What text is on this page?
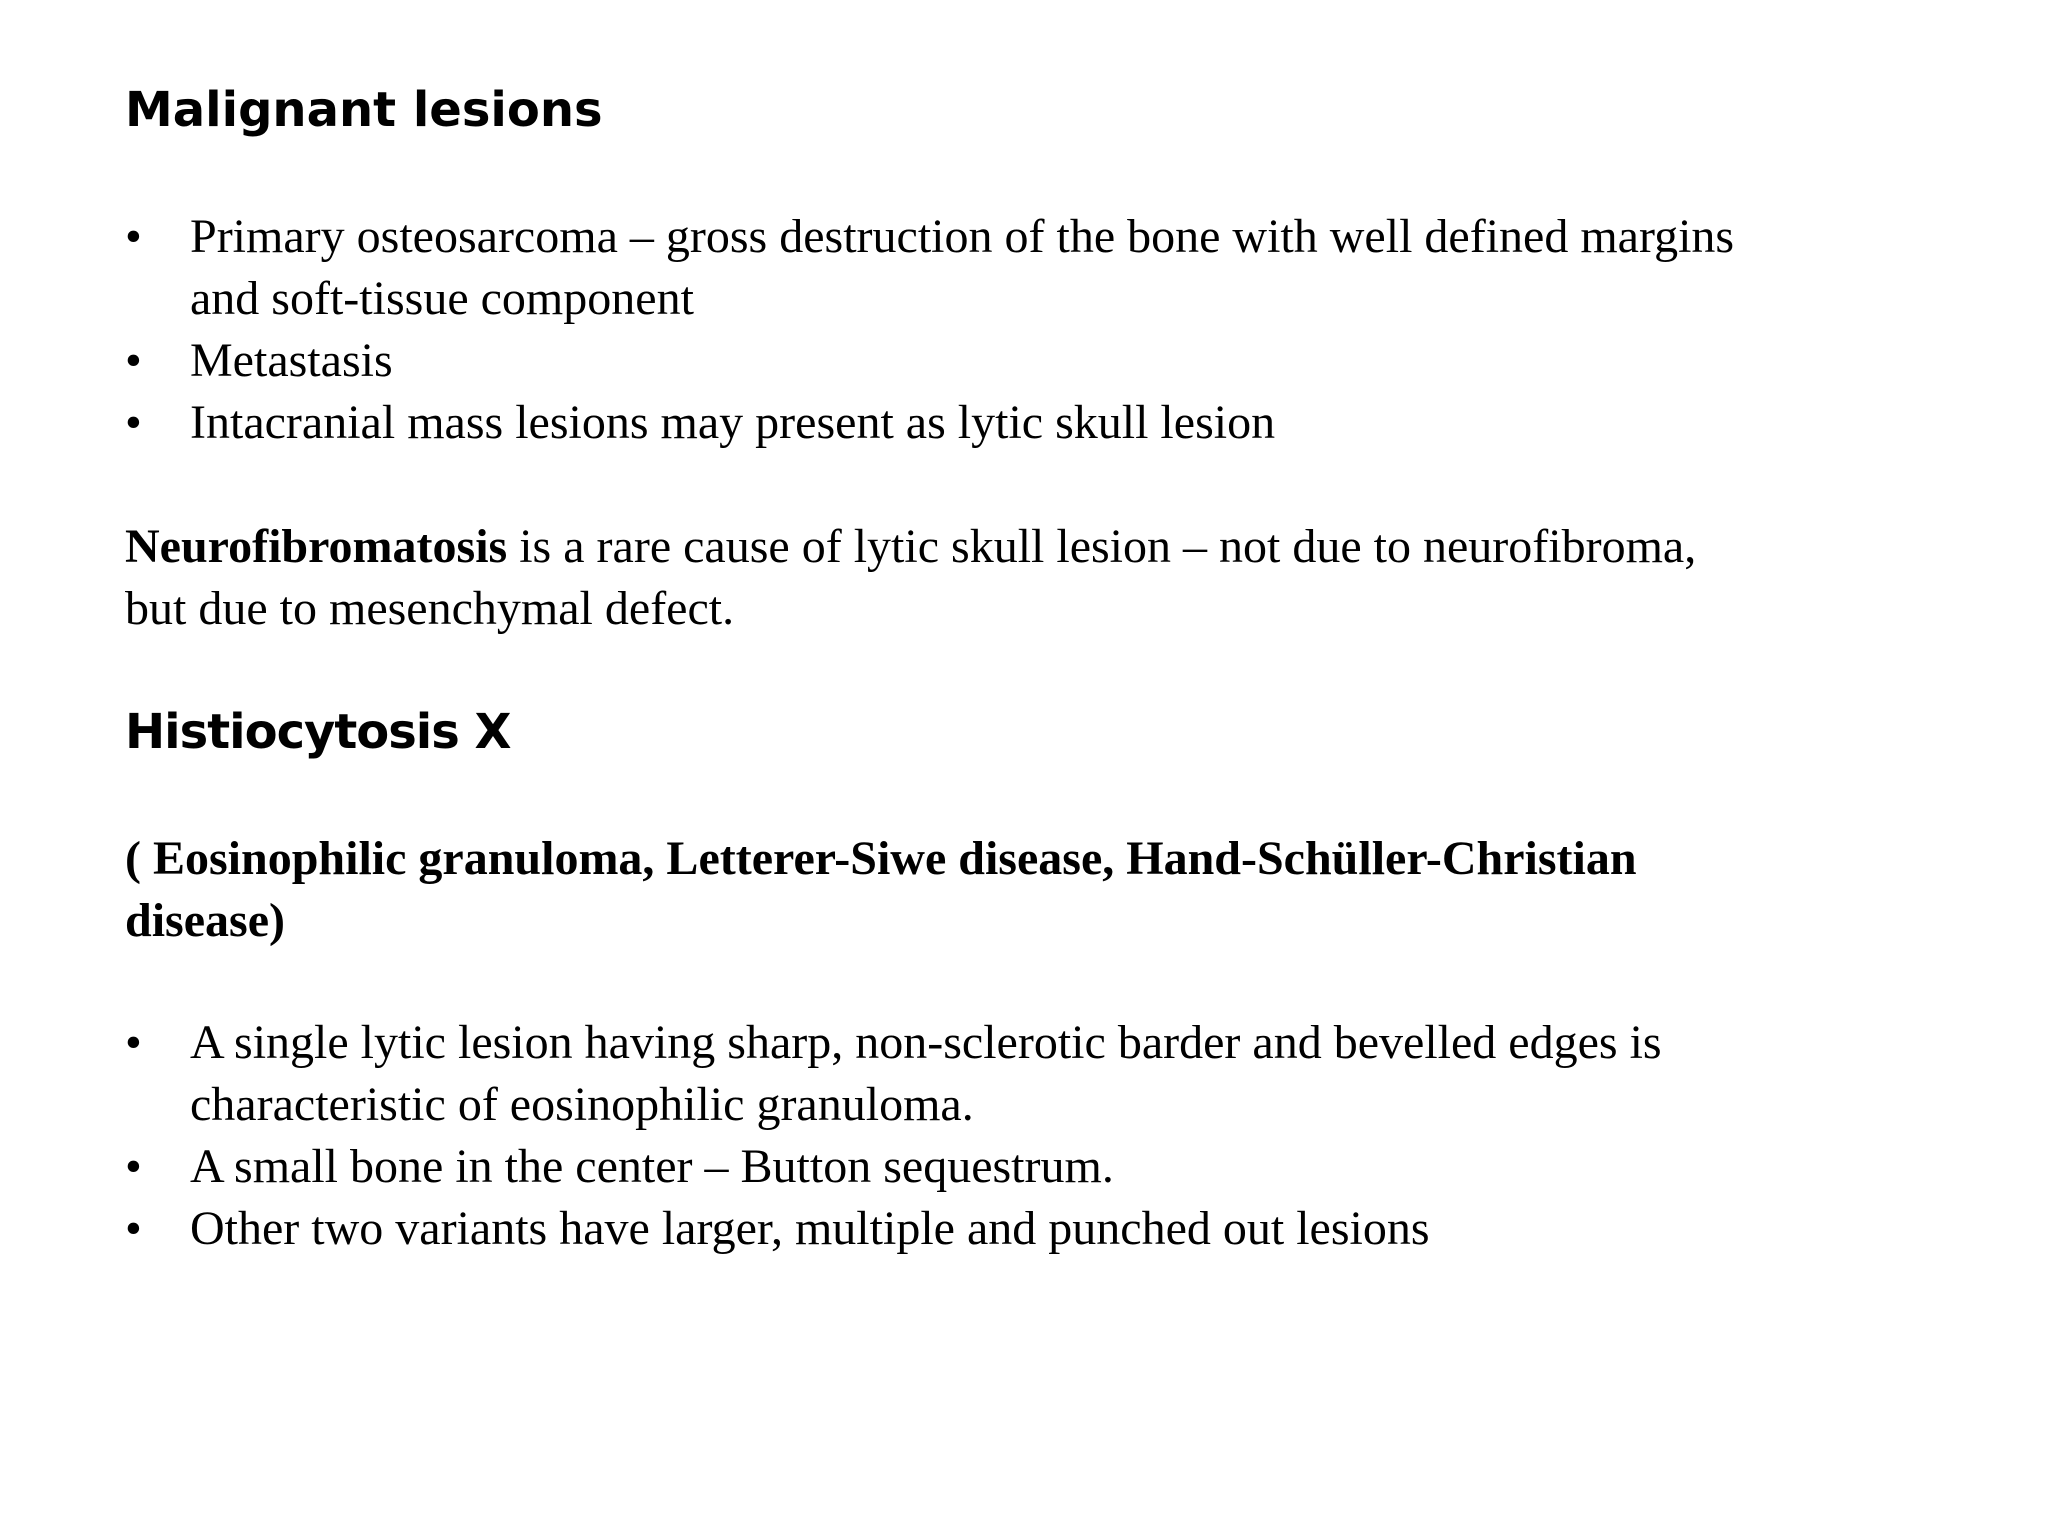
Malignant lesions
• Primary osteosarcoma – gross destruction of the bone with well defined margins
and soft-tissue component
• Metastasis
• Intacranial mass lesions may present as lytic skull lesion

Neurofibromatosis is a rare cause of lytic skull lesion – not due to neurofibroma,
but due to mesenchymal defect.

Histiocytosis X

( Eosinophilic granuloma, Letterer-Siwe disease, Hand-Schüller-Christian
disease)

• A single lytic lesion having sharp, non-sclerotic barder and bevelled edges is
characteristic of eosinophilic granuloma.
• A small bone in the center – Button sequestrum.
• Other two variants have larger, multiple and punched out lesions
